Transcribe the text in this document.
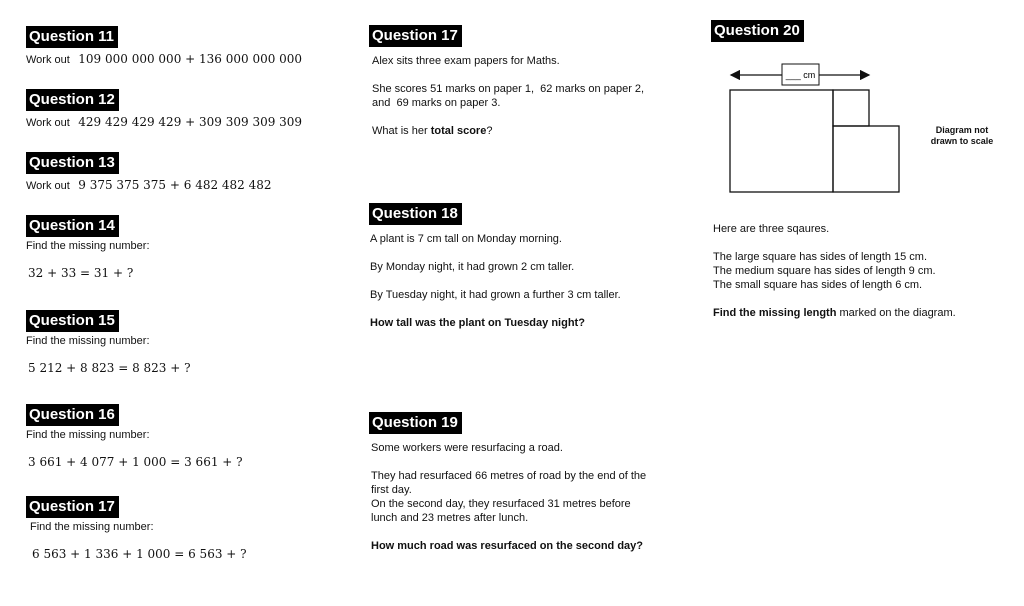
Question 11
Work out 109 000 000 000 + 136 000 000 000
Question 12
Work out 429 429 429 429 + 309 309 309 309
Question 13
Work out 9 375 375 375 + 6 482 482 482
Question 14

Find the missing number:

32 + 33 = 31 + ?

Question 15

Find the missing number:

5 212 + 8 823 = 8 823 + ?

Question 16

Find the missing number:

3 661 + 4 077 + 1 000 = 3 661 + ?

Question 17

Find the missing number:

6 563 + 1 336 + 1 000 = 6 563 + ?

Question 17

Alex sits three exam papers for Maths.

She scores 51 marks on paper 1,  62 marks on paper 2,

and  69 marks on paper 3.

What is her total score?

Question 18

A plant is 7 cm tall on Monday morning.

By Monday night, it had grown 2 cm taller.

By Tuesday night, it had grown a further 3 cm taller.

How tall was the plant on Tuesday night?

Question 19

Some workers were resurfacing a road.

They had resurfaced 66 metres of road by the end of the

first day.

On the second day, they resurfaced 31 metres before

lunch and 23 metres after lunch.

How much road was resurfaced on the second day?

Question 20
___ cm
Diagram not
drawn to scale

Here are three sqaures.

The large square has sides of length 15 cm.

The medium square has sides of length 9 cm.

The small square has sides of length 6 cm.

Find the missing length marked on the diagram.
